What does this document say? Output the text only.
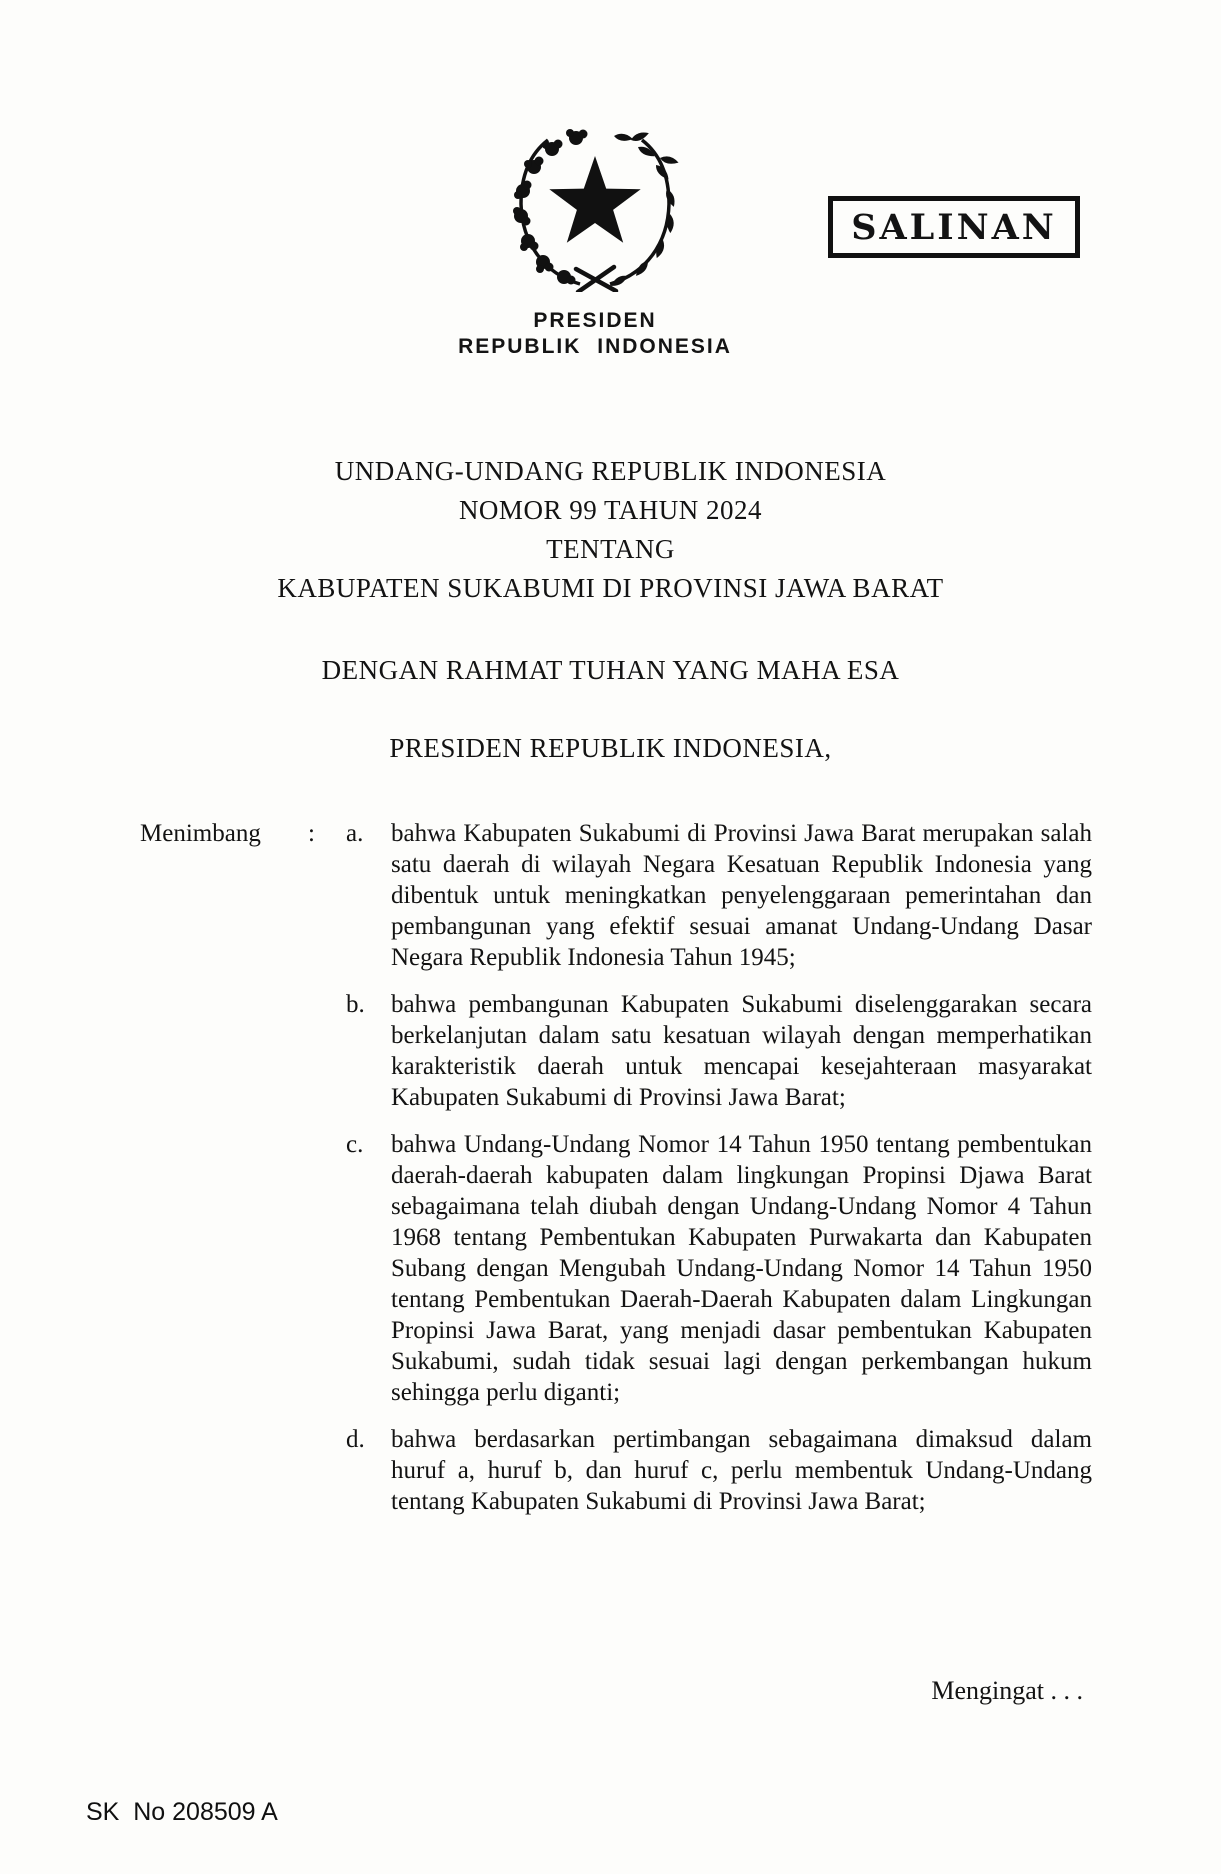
SALINAN
PRESIDEN
REPUBLIK INDONESIA
UNDANG-UNDANG REPUBLIK INDONESIA
NOMOR 99 TAHUN 2024
TENTANG
KABUPATEN SUKABUMI DI PROVINSI JAWA BARAT
DENGAN RAHMAT TUHAN YANG MAHA ESA
PRESIDEN REPUBLIK INDONESIA,
Menimbang	:	a.	bahwa Kabupaten Sukabumi di Provinsi Jawa Barat merupakan salah satu daerah di wilayah Negara Kesatuan Republik Indonesia yang dibentuk untuk meningkatkan penyelenggaraan pemerintahan dan pembangunan yang efektif sesuai amanat Undang-Undang Dasar Negara Republik Indonesia Tahun 1945;
b.	bahwa pembangunan Kabupaten Sukabumi diselenggarakan secara berkelanjutan dalam satu kesatuan wilayah dengan memperhatikan karakteristik daerah untuk mencapai kesejahteraan masyarakat Kabupaten Sukabumi di Provinsi Jawa Barat;
c.	bahwa Undang-Undang Nomor 14 Tahun 1950 tentang pembentukan daerah-daerah kabupaten dalam lingkungan Propinsi Djawa Barat sebagaimana telah diubah dengan Undang-Undang Nomor 4 Tahun 1968 tentang Pembentukan Kabupaten Purwakarta dan Kabupaten Subang dengan Mengubah Undang-Undang Nomor 14 Tahun 1950 tentang Pembentukan Daerah-Daerah Kabupaten dalam Lingkungan Propinsi Jawa Barat, yang menjadi dasar pembentukan Kabupaten Sukabumi, sudah tidak sesuai lagi dengan perkembangan hukum sehingga perlu diganti;
d.	bahwa berdasarkan pertimbangan sebagaimana dimaksud dalam huruf a, huruf b, dan huruf c, perlu membentuk Undang-Undang tentang Kabupaten Sukabumi di Provinsi Jawa Barat;
Mengingat . . .
SK  No 208509 A
